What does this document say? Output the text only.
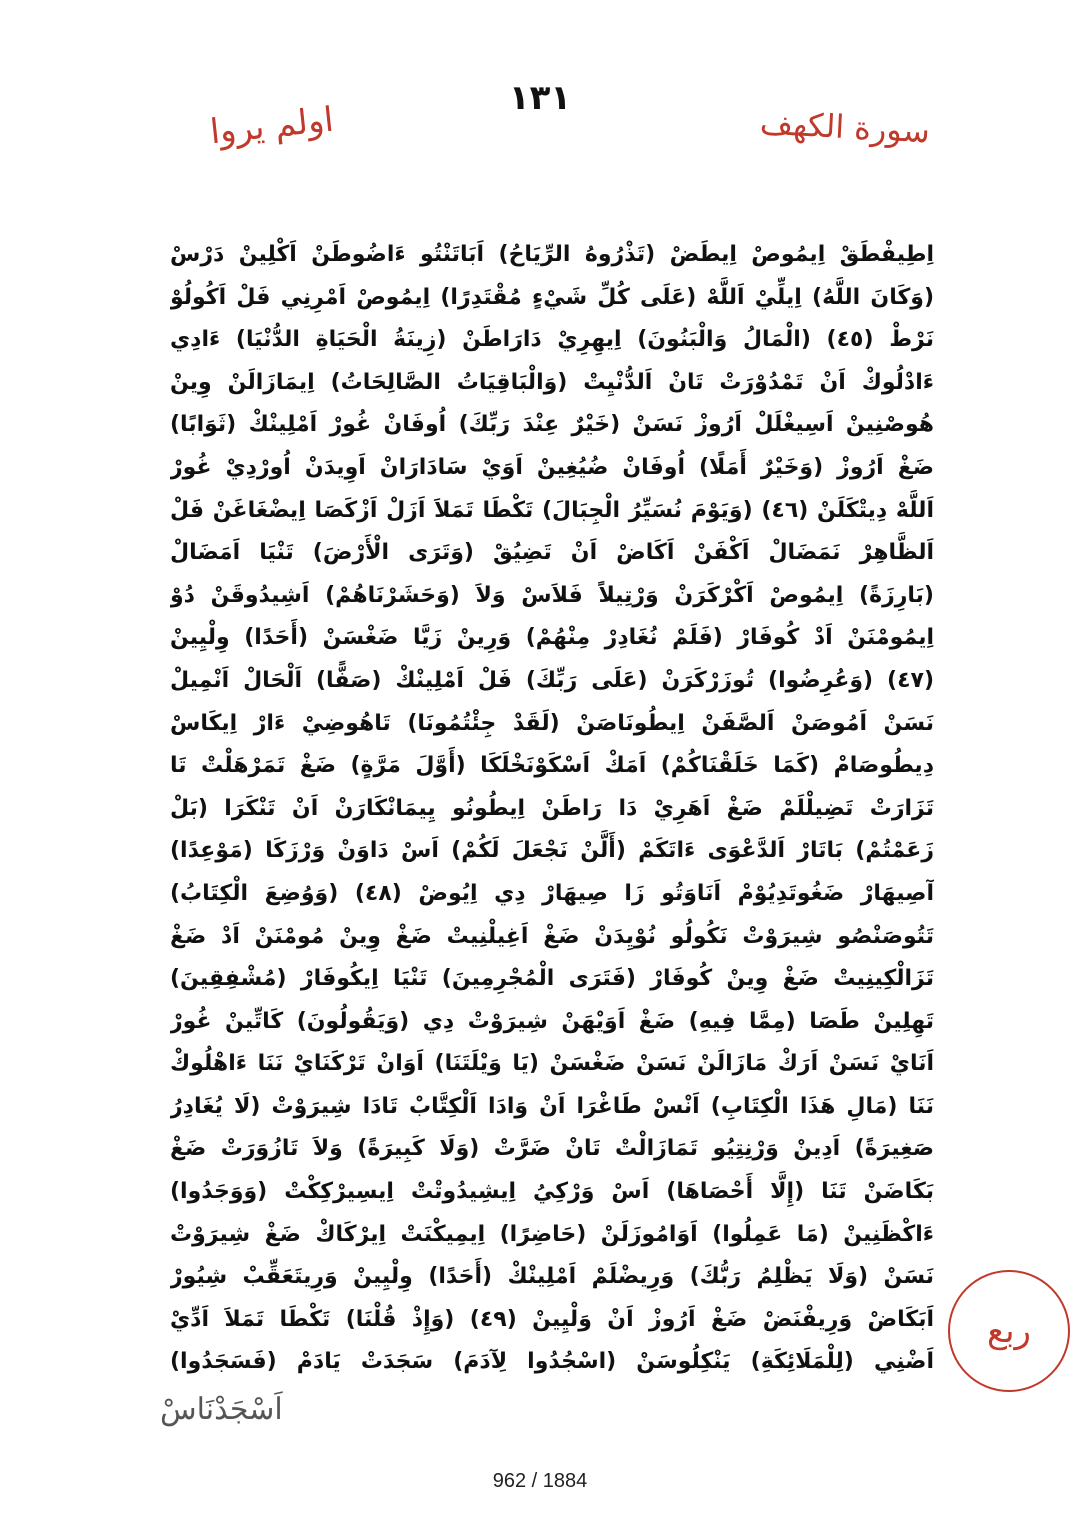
١٣١
سورة الكهف
اولم يروا
اِطِيفْطَقْ اِيمُوصْ اِيطَضْ (تَذْرُوهُ الرِّيَاحُ) اَبَاتَنْتُو ءَاضُوطَنْ اَكْلِينْ دَرْسْ
(وَكَانَ اللَّهُ) اِيلِّيْ اَللَّهْ (عَلَى كُلِّ شَيْءٍ مُقْتَدِرًا) اِيمُوصْ اَمْرِنِي فَلْ اَكُولُوْ
نَرْطْ (٤٥) (الْمَالُ وَالْبَنُونَ) اِيهِرِيْ دَارَاطَنْ (زِينَةُ الْحَيَاةِ الدُّنْيَا) ءَادِي
ءَادْلُوكْ اَنْ تَمْدُوْرَتْ تَانْ اَلدُّنْيِتْ (وَالْبَاقِيَاتُ الصَّالِحَاتُ) اِيمَازَالَنْ وِينْ
هُوصْنِينْ اَسِيغْلَلْ اَرُوزْ نَسَنْ (خَيْرٌ عِنْدَ رَبِّكَ) اُوفَانْ غُورْ اَمْلِينْكْ (ثَوَابًا)
ضَغْ اَرُوزْ (وَخَيْرٌ أَمَلًا) اُوفَانْ ضُيُغِينْ اَوَيْ سَادَارَانْ اَوِيدَنْ اُورْدِيْ غُورْ
اَللَّهْ دِيتْكَلَنْ (٤٦) (وَيَوْمَ نُسَيِّرُ الْجِبَالَ) تَكْطَا تَمَلاَ اَزَلْ اَزْكَصَا اِيضْغَاغَنْ فَلْ
اَلظَّاهِرْ نَمَضَالْ اَكْفَنْ اَكَاضْ اَنْ تَضِيُقْ (وَتَرَى الْأَرْضَ) تَنْيَا اَمَضَالْ
(بَارِزَةً) اِيمُوصْ اَكْرْكَرَنْ وَرْتِيلاً فَلاَسْ وَلاَ (وَحَشَرْنَاهُمْ) اَشِيدُوقَنْ دُوْ
اِيمُومْنَنْ اَدْ كُوفَارْ (فَلَمْ نُغَادِرْ مِنْهُمْ) وَرِينْ زَيَّا ضَغْسَنْ (أَحَدًا) وِلْيِينْ
(٤٧) (وَعُرِضُوا) تُوزَرْكَرَنْ (عَلَى رَبِّكَ) فَلْ اَمْلِينْكْ (صَفًّا) اَلْحَالْ اَنْمِيلْ
نَسَنْ اَمُوصَنْ اَلصَّفَنْ اِيطُونَاصَنْ (لَقَدْ جِئْتُمُونَا) تَاهُوضِيْ ءَارْ اِيكَاسْ
دِيطُوصَامْ (كَمَا خَلَقْنَاكُمْ) اَمَكْ اَسْكَوْنَخْلَكَا (أَوَّلَ مَرَّةٍ) ضَغْ تَمَرْهَلْتْ تَا
تَزَارَتْ تَضِيلْلَمْ ضَغْ اَهَرِيْ دَا رَاطَنْ اِيطُونُو يِيمَانْكَارَنْ اَنْ تَنْكَرَا (بَلْ
زَعَمْتُمْ) بَاتَارْ اَلدَّعْوَى ءَاتَكَمْ (أَلَّنْ نَجْعَلَ لَكُمْ) اَسْ دَاوَنْ وَرْزَكَا (مَوْعِدًا)
آصِيهَارْ ضَغُوتَدِيُوْمْ اَنَاوَتُو زَا صِيهَارْ دِي اِيُوضْ (٤٨) (وَوُضِعَ الْكِتَابُ)
تَتُوصَنْصُو شِيرَوْتْ نَكُولُو نُوْيِدَنْ ضَغْ اَغِيلْنِيتْ ضَغْ وِينْ مُومْنَنْ اَدْ ضَغْ
تَزَالْكِينِيتْ ضَغْ وِينْ كُوفَارْ (فَتَرَى الْمُجْرِمِينَ) تَنْيَا اِيكُوفَارْ (مُشْفِقِينَ)
تَهِلِينْ طَصَا (مِمَّا فِيهِ) ضَغْ اَوَيْهَنْ شِيرَوْتْ دِي (وَيَقُولُونَ) كَاتِّينْ غُورْ
اَنَايْ نَسَنْ اَرَكْ مَازَالَنْ نَسَنْ ضَغْسَنْ (يَا وَيْلَتَنَا) اَوَانْ تَرْكَنَايْ نَنَا ءَاهْلُوكْ
نَنَا (مَالِ هَذَا الْكِتَابِ) اَنْسْ طَاغْرَا اَنْ وَادَا اَلْكِتَّابْ تَادَا شِيرَوْتْ (لَا يُغَادِرُ
صَغِيرَةً) اَدِينْ وَرْنِتِيُو تَمَازَالْتْ تَانْ ضَرَّتْ (وَلَا كَبِيرَةً) وَلاَ تَازُوَرَتْ ضَغْ
بَكَاضَنْ تَنَا (إِلَّا أَحْصَاهَا) اَسْ وَرْكِيُ اِيشِيدُوتْتْ اِيسِيرْكِكْتْ (وَوَجَدُوا)
ءَاكْظَنِينْ (مَا عَمِلُوا) اَوَامُوزَلَنْ (حَاضِرًا) اِيمِيكْنَتْ اِيرْكَاكْ ضَغْ شِيرَوْتْ
نَسَنْ (وَلَا يَظْلِمُ رَبُّكَ) وَرِيضْلَمْ اَمْلِينْكْ (أَحَدًا) وِلْيِينْ وَرِيتَعَقِّبْ شِيُورْ
اَبَكَاضْ وَرِيفْنَضْ ضَغْ اَرُوزْ اَنْ وَلْيِينْ (٤٩) (وَإِذْ قُلْنَا) تَكْطَا تَمَلاَ اَدِّيْ
اَضْنِي (لِلْمَلَائِكَةِ) يَنْكِلُوسَنْ (اسْجُدُوا لِآدَمَ) سَجَدَتْ يَادَمْ (فَسَجَدُوا)
ربع
اَسْجَدْنَاسْ
962 / 1884
